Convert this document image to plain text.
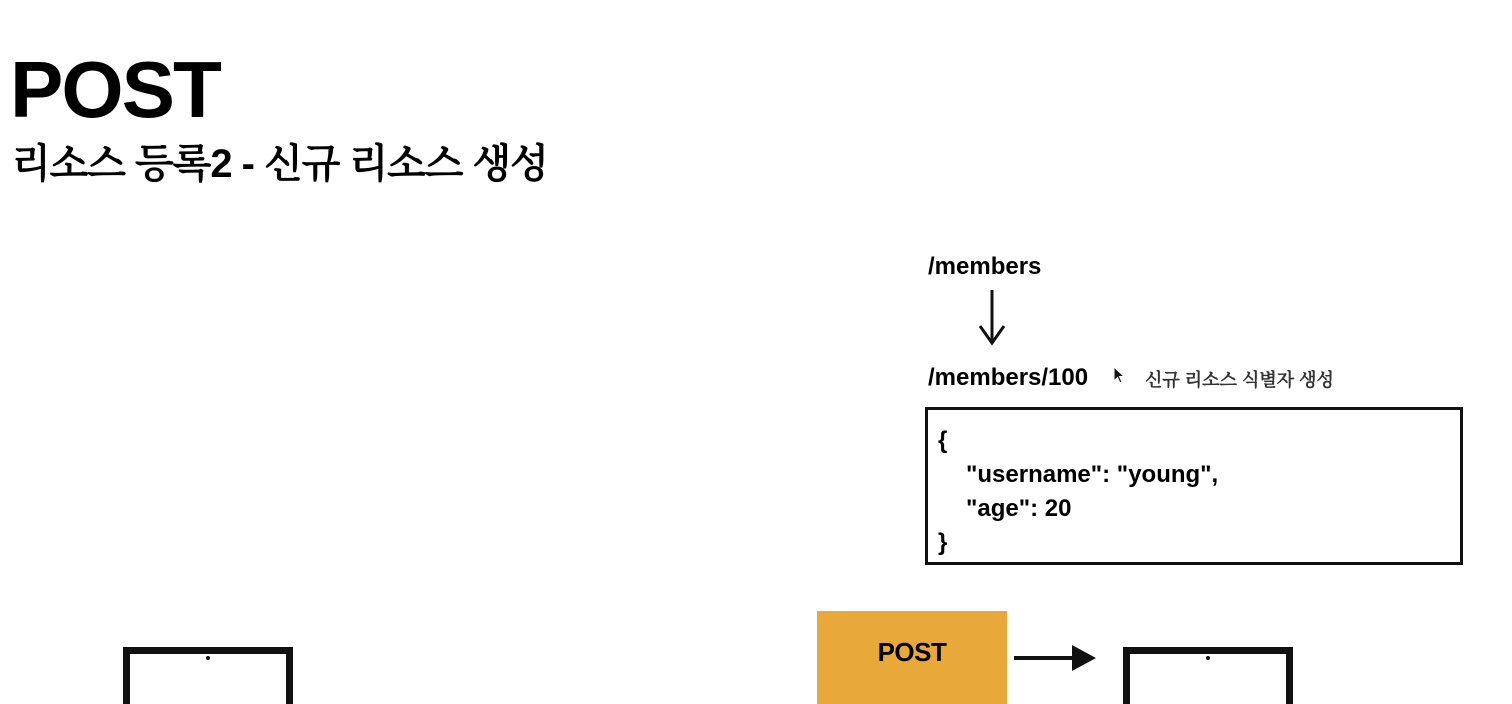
POST
리소스 등록2 - 신규 리소스 생성
/members
/members/100	신규 리소스 식별자 생성
{
"username": "young",
"age": 20
}
POST
